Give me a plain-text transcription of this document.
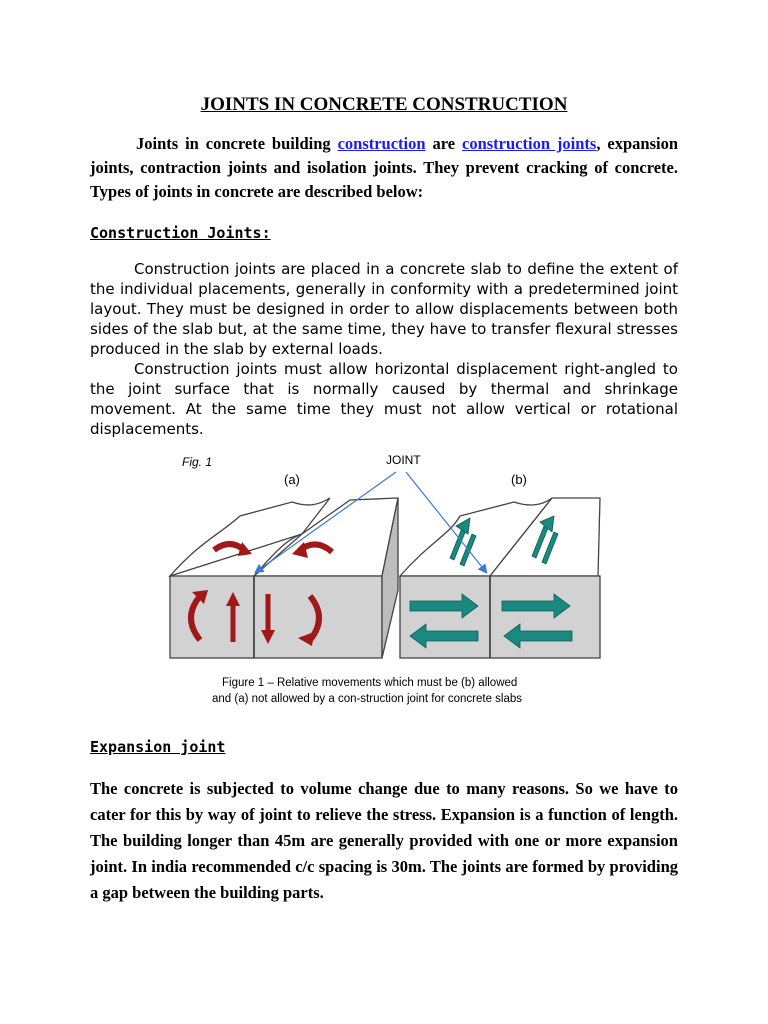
JOINTS IN CONCRETE CONSTRUCTION
Joints in concrete building construction are construction joints, expansion joints, contraction joints and isolation joints. They prevent cracking of concrete. Types of joints in concrete are described below:
Construction Joints:
Construction joints are placed in a concrete slab to define the extent of the individual placements, generally in conformity with a predetermined joint layout. They must be designed in order to allow displacements between both sides of the slab but, at the same time, they have to transfer flexural stresses produced in the slab by external loads.
Construction joints must allow horizontal displacement right-angled to the joint surface that is normally caused by thermal and shrinkage movement. At the same time they must not allow vertical or rotational displacements.
Fig. 1
(a)	(b)
JOINT
Figure 1 – Relative movements which must be (b) allowed
and (a) not allowed by a con-struction joint for concrete slabs
Expansion joint
The concrete is subjected to volume change due to many reasons. So we have to cater for this by way of joint to relieve the stress. Expansion is a function of length. The building longer than 45m are generally provided with one or more expansion joint. In india recommended c/c spacing is 30m. The joints are formed by providing a gap between the building parts.
